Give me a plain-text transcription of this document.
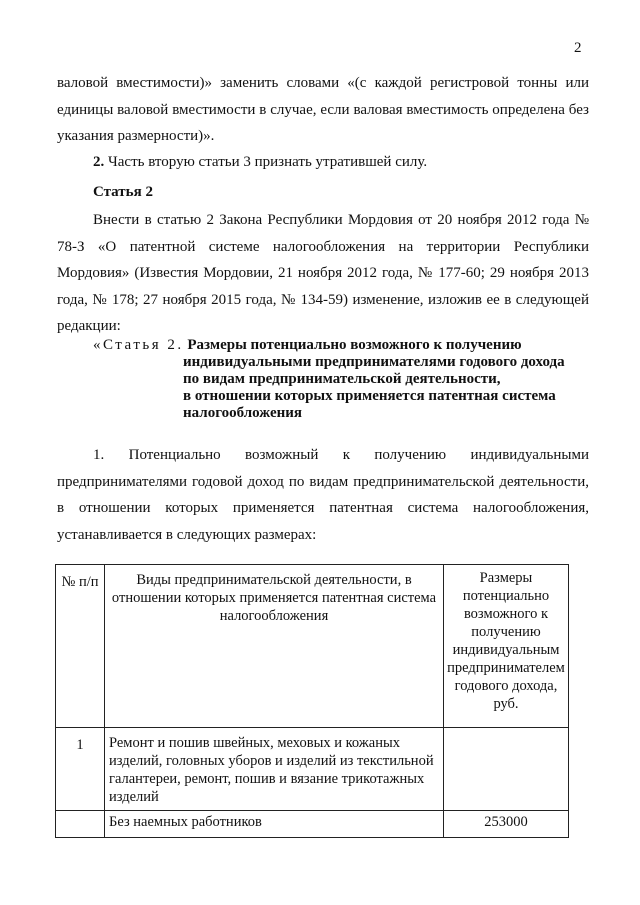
2
валовой вместимости)» заменить словами «(с каждой регистровой тонны или единицы валовой вместимости в случае, если валовая вместимость определена без указания размерности)».
2. Часть вторую статьи 3 признать утратившей силу.
Статья 2
Внести в статью 2 Закона Республики Мордовия от 20 ноября 2012 года № 78-З «О патентной системе налогообложения на территории Республики Мордовия» (Известия Мордовии, 21 ноября 2012 года, № 177-60; 29 ноября 2013 года, № 178; 27 ноября 2015 года, № 134-59) изменение, изложив ее в следующей редакции:
«Статья 2. Размеры потенциально возможного к получению
индивидуальными предпринимателями годового дохода
по видам предпринимательской деятельности,
в отношении которых применяется патентная система
налогообложения
1. Потенциально возможный к получению индивидуальными предпринимателями годовой доход по видам предпринимательской деятельности, в отношении которых применяется патентная система налогообложения, устанавливается в следующих размерах:
№ п/п	Виды предпринимательской деятельности, в отношении которых применяется патентная система налогообложения	Размеры потенциально возможного к получению индивидуальным предпринимателем годового дохода, руб.
1	Ремонт и пошив швейных, меховых и кожаных изделий, головных уборов и изделий из текстильной галантереи, ремонт, пошив и вязание трикотажных изделий	
	Без наемных работников	253000
